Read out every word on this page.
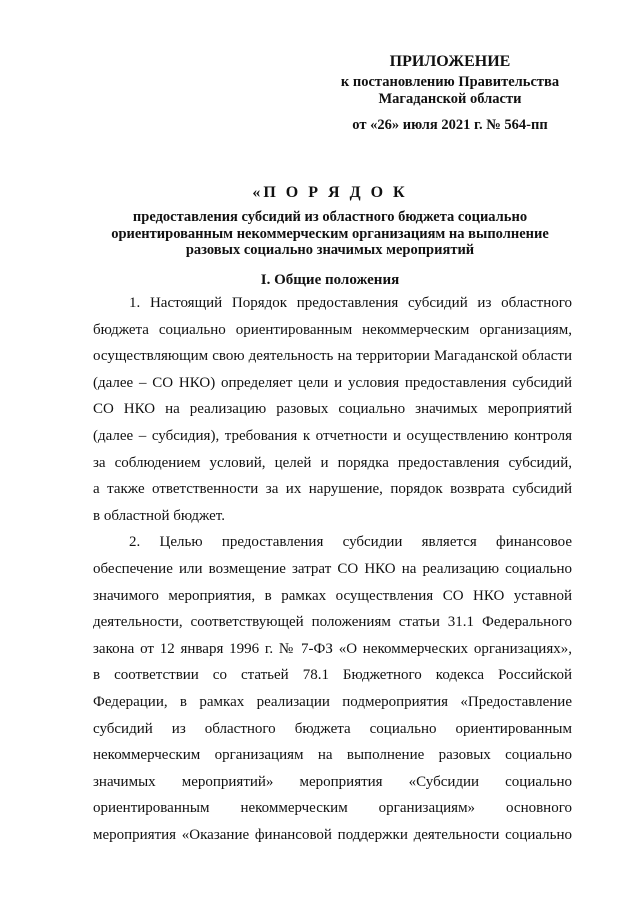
ПРИЛОЖЕНИЕ
к постановлению Правительства
Магаданской области
от «26» июля 2021 г. № 564-пп
«П О Р Я Д О К
предоставления субсидий из областного бюджета социально
ориентированным некоммерческим организациям на выполнение
разовых социально значимых мероприятий
I. Общие положения
1. Настоящий Порядок предоставления субсидий из областного
бюджета социально ориентированным некоммерческим организациям,
осуществляющим свою деятельность на территории Магаданской области
(далее – СО НКО) определяет цели и условия предоставления субсидий
СО НКО на реализацию разовых социально значимых мероприятий
(далее – субсидия), требования к отчетности и осуществлению контроля
за соблюдением условий, целей и порядка предоставления субсидий,
а также ответственности за их нарушение, порядок возврата субсидий
в областной бюджет.
2. Целью предоставления субсидии является финансовое
обеспечение или возмещение затрат СО НКО на реализацию социально
значимого мероприятия, в рамках осуществления СО НКО уставной
деятельности, соответствующей положениям статьи 31.1 Федерального
закона от 12 января 1996 г. № 7-ФЗ «О некоммерческих организациях»,
в соответствии со статьей 78.1 Бюджетного кодекса Российской
Федерации, в рамках реализации подмероприятия «Предоставление
субсидий из областного бюджета социально ориентированным
некоммерческим организациям на выполнение разовых социально
значимых мероприятий» мероприятия «Субсидии социально
ориентированным некоммерческим организациям» основного
мероприятия «Оказание финансовой поддержки деятельности социально
